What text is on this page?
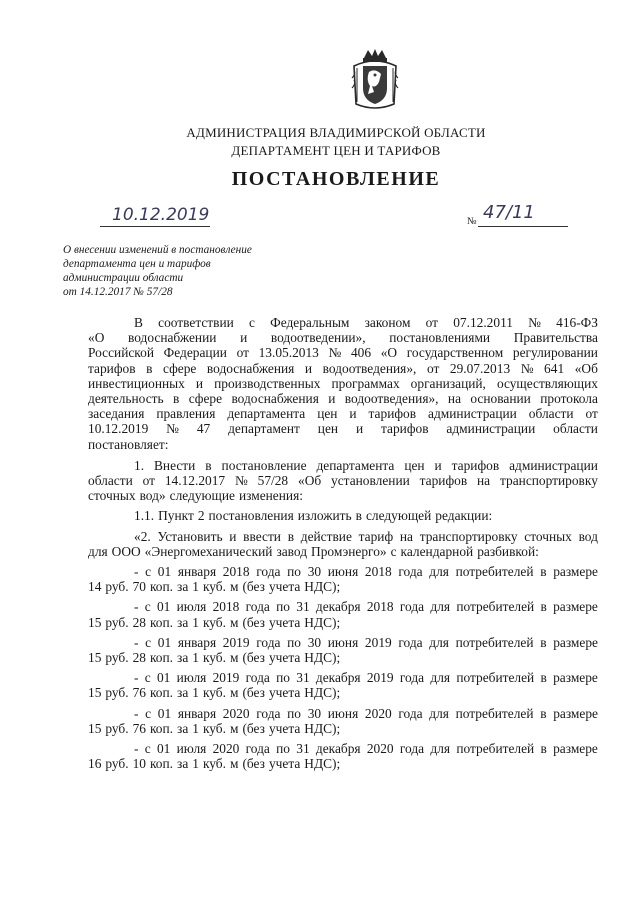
АДМИНИСТРАЦИЯ ВЛАДИМИРСКОЙ ОБЛАСТИ
ДЕПАРТАМЕНТ ЦЕН И ТАРИФОВ
ПОСТАНОВЛЕНИЕ
10.12.2019	№ 47/11
О внесении изменений в постановление
департамента цен и тарифов
администрации области
от 14.12.2017 № 57/28
В соответствии с Федеральным законом от 07.12.2011 № 416-ФЗ
«О водоснабжении и водоотведении», постановлениями Правительства
Российской Федерации от 13.05.2013 № 406 «О государственном регулировании
тарифов в сфере водоснабжения и водоотведения», от 29.07.2013 № 641 «Об
инвестиционных и производственных программах организаций, осуществляющих
деятельность в сфере водоснабжения и водоотведения», на основании протокола
заседания правления департамента цен и тарифов администрации области от
10.12.2019 № 47 департамент цен и тарифов администрации области
постановляет:
1. Внести в постановление департамента цен и тарифов администрации
области от 14.12.2017 № 57/28 «Об установлении тарифов на транспортировку
сточных вод» следующие изменения:
1.1. Пункт 2 постановления изложить в следующей редакции:
«2. Установить и ввести в действие тариф на транспортировку сточных вод
для ООО «Энергомеханический завод Промэнерго» с календарной разбивкой:
- с 01 января 2018 года по 30 июня 2018 года для потребителей в размере
14 руб. 70 коп. за 1 куб. м (без учета НДС);
- с 01 июля 2018 года по 31 декабря 2018 года для потребителей в размере
15 руб. 28 коп. за 1 куб. м (без учета НДС);
- с 01 января 2019 года по 30 июня 2019 года для потребителей в размере
15 руб. 28 коп. за 1 куб. м (без учета НДС);
- с 01 июля 2019 года по 31 декабря 2019 года для потребителей в размере
15 руб. 76 коп. за 1 куб. м (без учета НДС);
- с 01 января 2020 года по 30 июня 2020 года для потребителей в размере
15 руб. 76 коп. за 1 куб. м (без учета НДС);
- с 01 июля 2020 года по 31 декабря 2020 года для потребителей в размере
16 руб. 10 коп. за 1 куб. м (без учета НДС);
